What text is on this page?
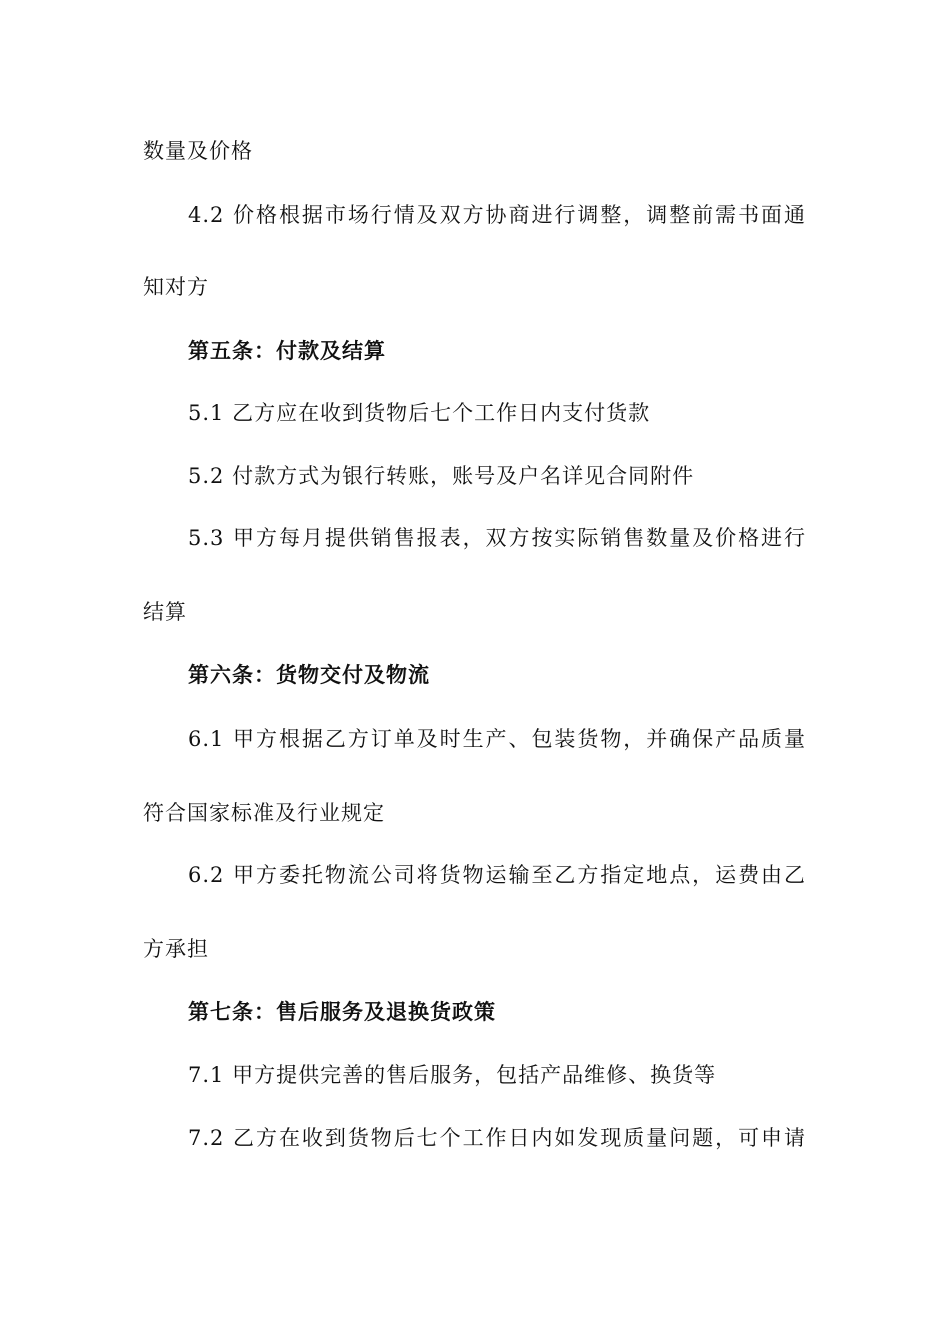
数量及价格
4.2 价格根据市场行情及双方协商进行调整，调整前需书面通
知对方
第五条：付款及结算
5.1 乙方应在收到货物后七个工作日内支付货款
5.2 付款方式为银行转账，账号及户名详见合同附件
5.3 甲方每月提供销售报表，双方按实际销售数量及价格进行
结算
第六条：货物交付及物流
6.1 甲方根据乙方订单及时生产、包装货物，并确保产品质量
符合国家标准及行业规定
6.2 甲方委托物流公司将货物运输至乙方指定地点，运费由乙
方承担
第七条：售后服务及退换货政策
7.1 甲方提供完善的售后服务，包括产品维修、换货等
7.2 乙方在收到货物后七个工作日内如发现质量问题，可申请
